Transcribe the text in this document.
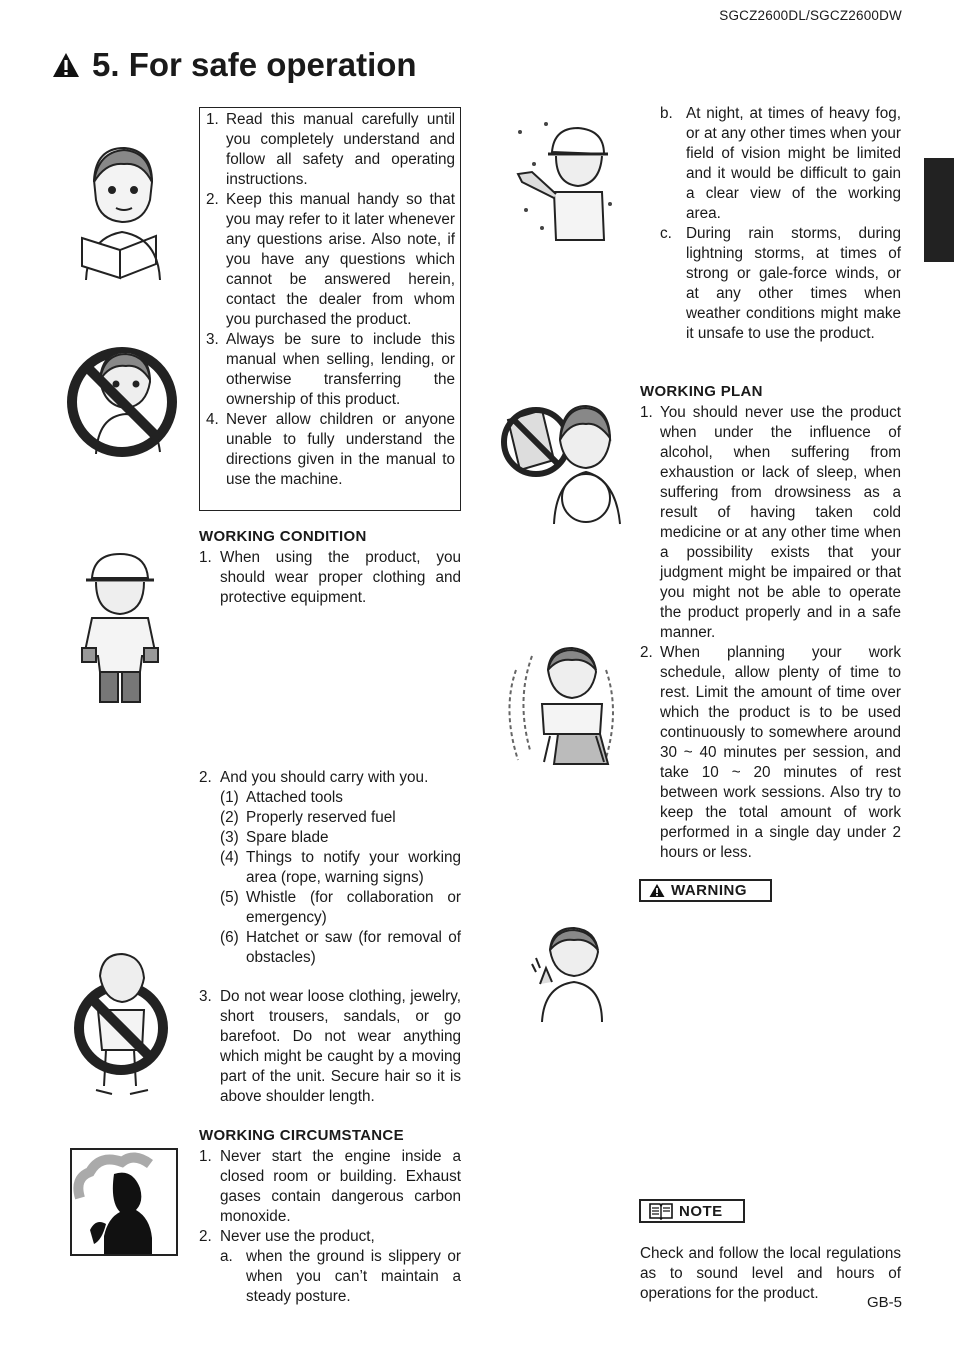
SGCZ2600DL/SGCZ2600DW
5. For safe operation
1. Read this manual carefully until you completely understand and follow all safety and operating instructions.
2. Keep this manual handy so that you may refer to it later whenever any questions arise. Also note, if you have any questions which cannot be answered herein, contact the dealer from whom you purchased the product.
3. Always be sure to include this manual when selling, lending, or otherwise transferring the ownership of this product.
4. Never allow children or anyone unable to fully understand the directions given in the manual to use the machine.
WORKING CONDITION
1. When using the product, you should wear proper clothing and protective equipment.
2. And you should carry with you.
(1) Attached tools
(2) Properly reserved fuel
(3) Spare blade
(4) Things to notify your working area (rope, warning signs)
(5) Whistle (for collaboration or emergency)
(6) Hatchet or saw (for removal of obstacles)
3. Do not wear loose clothing, jewelry, short trousers, sandals, or go barefoot. Do not wear anything which might be caught by a moving part of the unit. Secure hair so it is above shoulder length.
WORKING CIRCUMSTANCE
1. Never start the engine inside a closed room or building. Exhaust gases contain dangerous carbon monoxide.
2. Never use the product,
a. when the ground is slippery or when you can’t maintain a steady posture.
b. At night, at times of heavy fog, or at any other times when your field of vision might be limited and it would be difficult to gain a clear view of the working area.
c. During rain storms, during lightning storms, at times of strong or gale-force winds, or at any other times when weather conditions might make it unsafe to use the product.
WORKING PLAN
1. You should never use the product when under the influence of alcohol, when suffering from exhaustion or lack of sleep, when suffering from drowsiness as a result of having taken cold medicine or at any other time when a possibility exists that your judgment might be impaired or that you might not be able to operate the product properly and in a safe manner.
2. When planning your work schedule, allow plenty of time to rest. Limit the amount of time over which the product is to be used continuously to somewhere around 30 ~ 40 minutes per session, and take 10 ~ 20 minutes of rest between work sessions. Also try to keep the total amount of work performed in a single day under 2 hours or less.
WARNING
NOTE
Check and follow the local regulations as to sound level and hours of operations for the product.
GB-5
